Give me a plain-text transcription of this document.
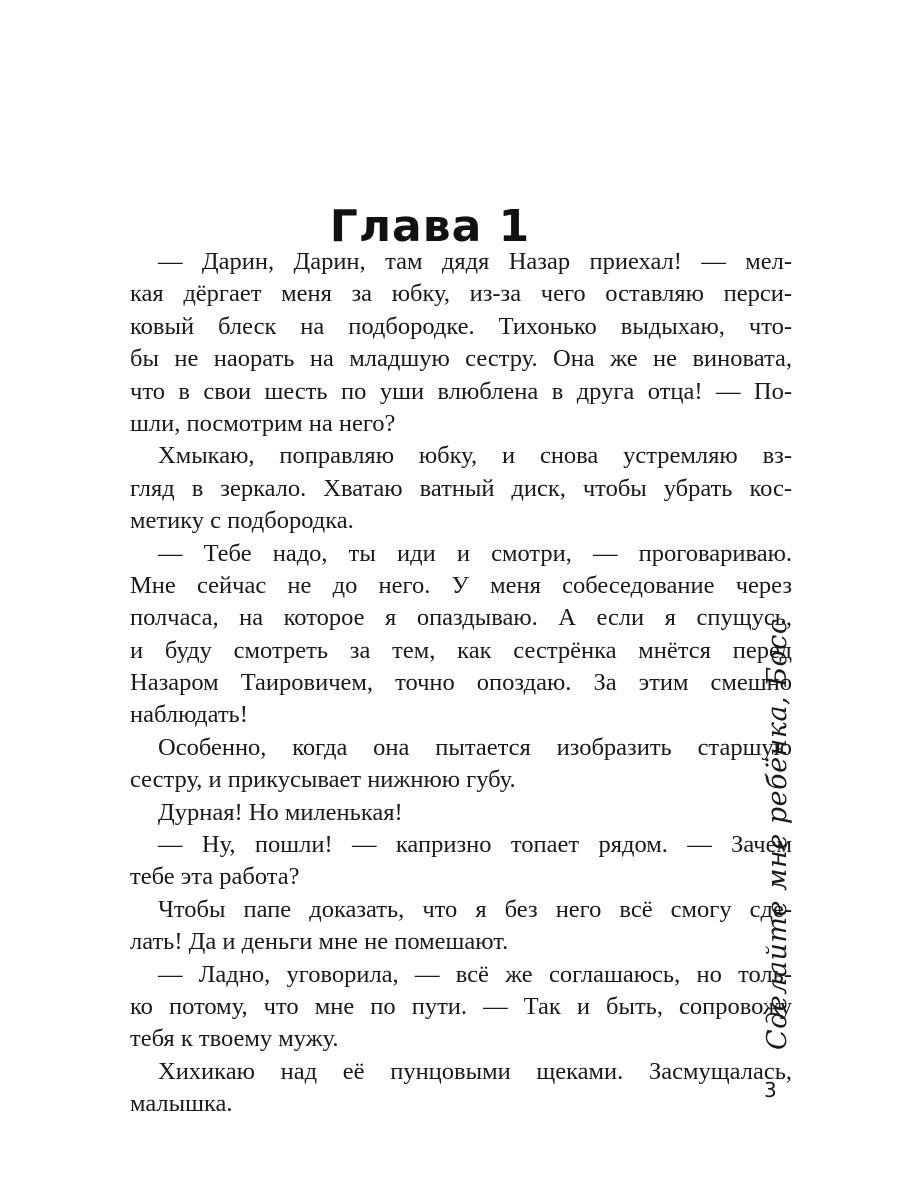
Глава 1
— Дарин, Дарин, там дядя Назар приехал! — мел-
кая дёргает меня за юбку, из-за чего оставляю перси-
ковый блеск на подбородке. Тихонько выдыхаю, что-
бы не наорать на младшую сестру. Она же не виновата,
что в свои шесть по уши влюблена в друга отца! — По-
шли, посмотрим на него?
Хмыкаю, поправляю юбку, и снова устремляю вз-
гляд в зеркало. Хватаю ватный диск, чтобы убрать кос-
метику с подбородка.
— Тебе надо, ты иди и смотри, — проговариваю.
Мне сейчас не до него. У меня собеседование через
полчаса, на которое я опаздываю. А если я спущусь,
и буду смотреть за тем, как сестрёнка мнётся перед
Назаром Таировичем, точно опоздаю. За этим смешно
наблюдать!
Особенно, когда она пытается изобразить старшую
сестру, и прикусывает нижнюю губу.
Дурная! Но миленькая!
— Ну, пошли! — капризно топает рядом. — Зачем
тебе эта работа?
Чтобы папе доказать, что я без него всё смогу сде-
лать! Да и деньги мне не помешают.
— Ладно, уговорила, — всё же соглашаюсь, но толь-
ко потому, что мне по пути. — Так и быть, сопровожу
тебя к твоему мужу.
Хихикаю над её пунцовыми щеками. Засмущалась,
малышка.
Сделайте мне ребёнка, Босс
3
